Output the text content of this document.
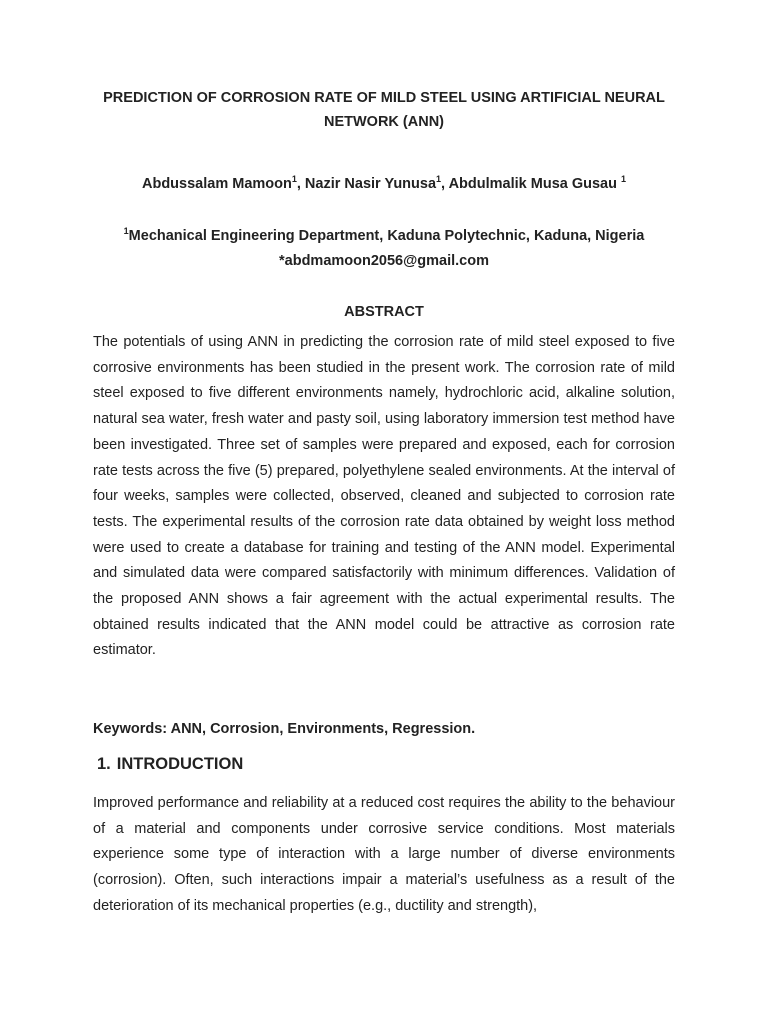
PREDICTION OF CORROSION RATE OF MILD STEEL USING ARTIFICIAL NEURAL NETWORK (ANN)
Abdussalam Mamoon$^1$, Nazir Nasir Yunusa$^1$, Abdulmalik Musa Gusau $^1$
$^1$Mechanical Engineering Department, Kaduna Polytechnic, Kaduna, Nigeria
*abdmamoon2056@gmail.com
ABSTRACT

The potentials of using ANN in predicting the corrosion rate of mild steel exposed to five corrosive environments has been studied in the present work. The corrosion rate of mild steel exposed to five different environments namely, hydrochloric acid, alkaline solution, natural sea water, fresh water and pasty soil, using laboratory immersion test method have been investigated. Three set of samples were prepared and exposed, each for corrosion rate tests across the five (5) prepared, polyethylene sealed environments. At the interval of four weeks, samples were collected, observed, cleaned and subjected to corrosion rate tests. The experimental results of the corrosion rate data obtained by weight loss method were used to create a database for training and testing of the ANN model. Experimental and simulated data were compared satisfactorily with minimum differences. Validation of the proposed ANN shows a fair agreement with the actual experimental results. The obtained results indicated that the ANN model could be attractive as corrosion rate estimator.

Keywords: ANN, Corrosion, Environments, Regression.
1. INTRODUCTION

Improved performance and reliability at a reduced cost requires the ability to the behaviour of a material and components under corrosive service conditions. Most materials experience some type of interaction with a large number of diverse environments (corrosion). Often, such interactions impair a material’s usefulness as a result of the deterioration of its mechanical properties (e.g., ductility and strength),
